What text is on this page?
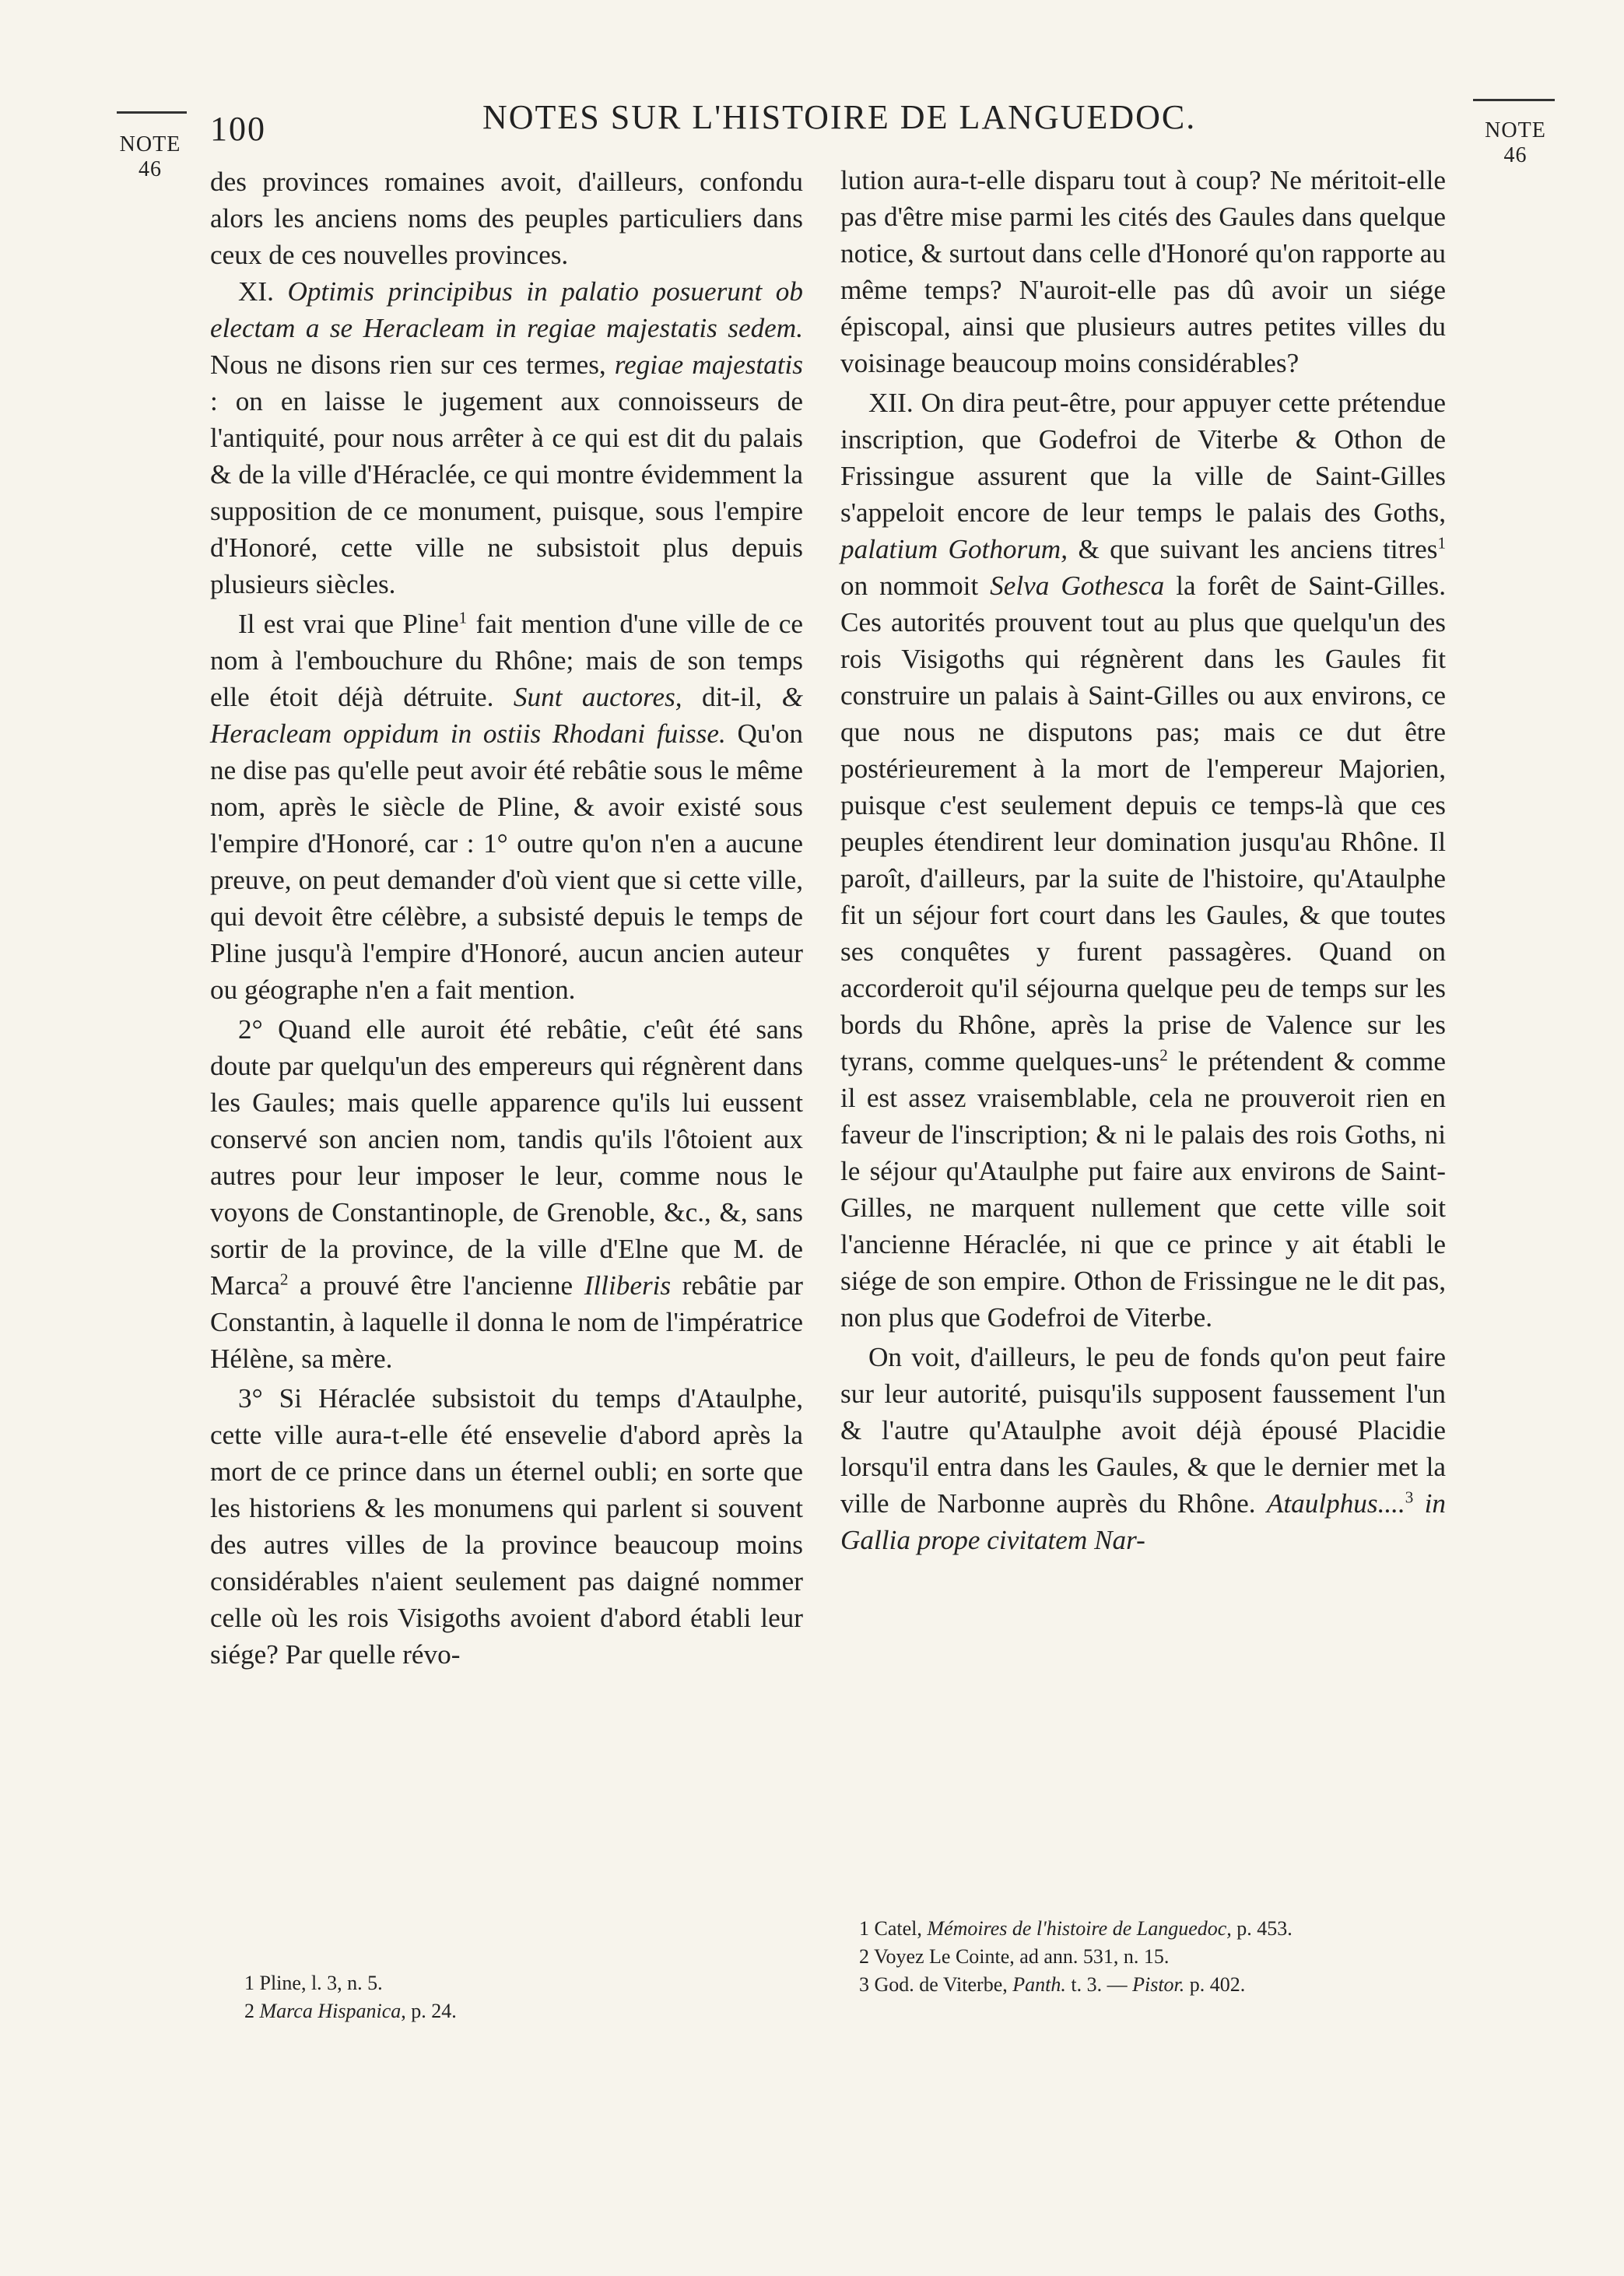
NOTE
46
NOTE
46
100	NOTES SUR L'HISTOIRE DE LANGUEDOC.

des provinces romaines avoit, d'ailleurs, confondu alors les anciens noms des peuples particuliers dans ceux de ces nouvelles provinces.

XI. Optimis principibus in palatio posuerunt ob electam a se Heracleam in regiae majestatis sedem. Nous ne disons rien sur ces termes, regiae majestatis : on en laisse le jugement aux connoisseurs de l'antiquité, pour nous arrêter à ce qui est dit du palais & de la ville d'Héraclée, ce qui montre évidemment la supposition de ce monument, puisque, sous l'empire d'Honoré, cette ville ne subsistoit plus depuis plusieurs siècles.

Il est vrai que Pline$^1$ fait mention d'une ville de ce nom à l'embouchure du Rhône; mais de son temps elle étoit déjà détruite. Sunt auctores, dit-il, & Heracleam oppidum in ostiis Rhodani fuisse. Qu'on ne dise pas qu'elle peut avoir été rebâtie sous le même nom, après le siècle de Pline, & avoir existé sous l'empire d'Honoré, car : 1° outre qu'on n'en a aucune preuve, on peut demander d'où vient que si cette ville, qui devoit être célèbre, a subsisté depuis le temps de Pline jusqu'à l'empire d'Honoré, aucun ancien auteur ou géographe n'en a fait mention.

2° Quand elle auroit été rebâtie, c'eût été sans doute par quelqu'un des empereurs qui régnèrent dans les Gaules; mais quelle apparence qu'ils lui eussent conservé son ancien nom, tandis qu'ils l'ôtoient aux autres pour leur imposer le leur, comme nous le voyons de Constantinople, de Grenoble, &c., &, sans sortir de la province, de la ville d'Elne que M. de Marca$^2$ a prouvé être l'ancienne Illiberis rebâtie par Constantin, à laquelle il donna le nom de l'impératrice Hélène, sa mère.

3° Si Héraclée subsistoit du temps d'Ataulphe, cette ville aura-t-elle été ensevelie d'abord après la mort de ce prince dans un éternel oubli; en sorte que les historiens & les monumens qui parlent si souvent des autres villes de la province beaucoup moins considérables n'aient seulement pas daigné nommer celle où les rois Visigoths avoient d'abord établi leur siége? Par quelle révo-

1 Pline, l. 3, n. 5.
2 Marca Hispanica, p. 24.

lution aura-t-elle disparu tout à coup? Ne méritoit-elle pas d'être mise parmi les cités des Gaules dans quelque notice, & surtout dans celle d'Honoré qu'on rapporte au même temps? N'auroit-elle pas dû avoir un siége épiscopal, ainsi que plusieurs autres petites villes du voisinage beaucoup moins considérables?

XII. On dira peut-être, pour appuyer cette prétendue inscription, que Godefroi de Viterbe & Othon de Frissingue assurent que la ville de Saint-Gilles s'appeloit encore de leur temps le palais des Goths, palatium Gothorum, & que suivant les anciens titres$^1$ on nommoit Selva Gothesca la forêt de Saint-Gilles. Ces autorités prouvent tout au plus que quelqu'un des rois Visigoths qui régnèrent dans les Gaules fit construire un palais à Saint-Gilles ou aux environs, ce que nous ne disputons pas; mais ce dut être postérieurement à la mort de l'empereur Majorien, puisque c'est seulement depuis ce temps-là que ces peuples étendirent leur domination jusqu'au Rhône. Il paroît, d'ailleurs, par la suite de l'histoire, qu'Ataulphe fit un séjour fort court dans les Gaules, & que toutes ses conquêtes y furent passagères. Quand on accorderoit qu'il séjourna quelque peu de temps sur les bords du Rhône, après la prise de Valence sur les tyrans, comme quelques-uns$^2$ le prétendent & comme il est assez vraisemblable, cela ne prouveroit rien en faveur de l'inscription; & ni le palais des rois Goths, ni le séjour qu'Ataulphe put faire aux environs de Saint-Gilles, ne marquent nullement que cette ville soit l'ancienne Héraclée, ni que ce prince y ait établi le siége de son empire. Othon de Frissingue ne le dit pas, non plus que Godefroi de Viterbe.

On voit, d'ailleurs, le peu de fonds qu'on peut faire sur leur autorité, puisqu'ils supposent faussement l'un & l'autre qu'Ataulphe avoit déjà épousé Placidie lorsqu'il entra dans les Gaules, & que le dernier met la ville de Narbonne auprès du Rhône. Ataulphus....$^3$ in Gallia prope civitatem Nar-

1 Catel, Mémoires de l'histoire de Languedoc, p. 453.
2 Voyez Le Cointe, ad ann. 531, n. 15.
3 God. de Viterbe, Panth. t. 3. — Pistor. p. 402.
